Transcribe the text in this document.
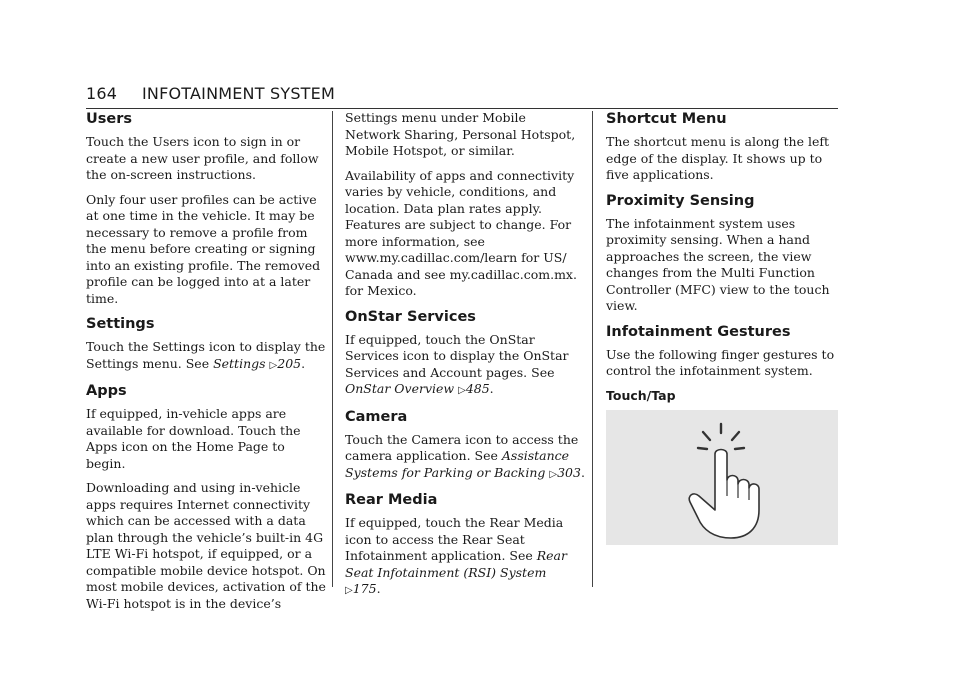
164 INFOTAINMENT SYSTEM
Users

Touch the Users icon to sign in or create a new user profile, and follow the on-screen instructions.

Only four user profiles can be active at one time in the vehicle. It may be necessary to remove a profile from the menu before creating or signing into an existing profile. The removed profile can be logged into at a later time.

Settings

Touch the Settings icon to display the Settings menu. See Settings ▷205.

Apps

If equipped, in-vehicle apps are available for download. Touch the Apps icon on the Home Page to begin.

Downloading and using in-vehicle apps requires Internet connectivity which can be accessed with a data plan through the vehicle’s built-in 4G LTE Wi-Fi hotspot, if equipped, or a compatible mobile device hotspot. On most mobile devices, activation of the Wi-Fi hotspot is in the device’s

Settings menu under Mobile Network Sharing, Personal Hotspot, Mobile Hotspot, or similar.

Availability of apps and connectivity varies by vehicle, conditions, and location. Data plan rates apply. Features are subject to change. For more information, see www.my.cadillac.com/learn for US/ Canada and see my.cadillac.com.mx. for Mexico.

OnStar Services

If equipped, touch the OnStar Services icon to display the OnStar Services and Account pages. See OnStar Overview ▷485.

Camera

Touch the Camera icon to access the camera application. See Assistance Systems for Parking or Backing ▷303.

Rear Media

If equipped, touch the Rear Media icon to access the Rear Seat Infotainment application. See Rear Seat Infotainment (RSI) System ▷175.

Shortcut Menu

The shortcut menu is along the left edge of the display. It shows up to five applications.

Proximity Sensing

The infotainment system uses proximity sensing. When a hand approaches the screen, the view changes from the Multi Function Controller (MFC) view to the touch view.

Infotainment Gestures

Use the following finger gestures to control the infotainment system.

Touch/Tap
